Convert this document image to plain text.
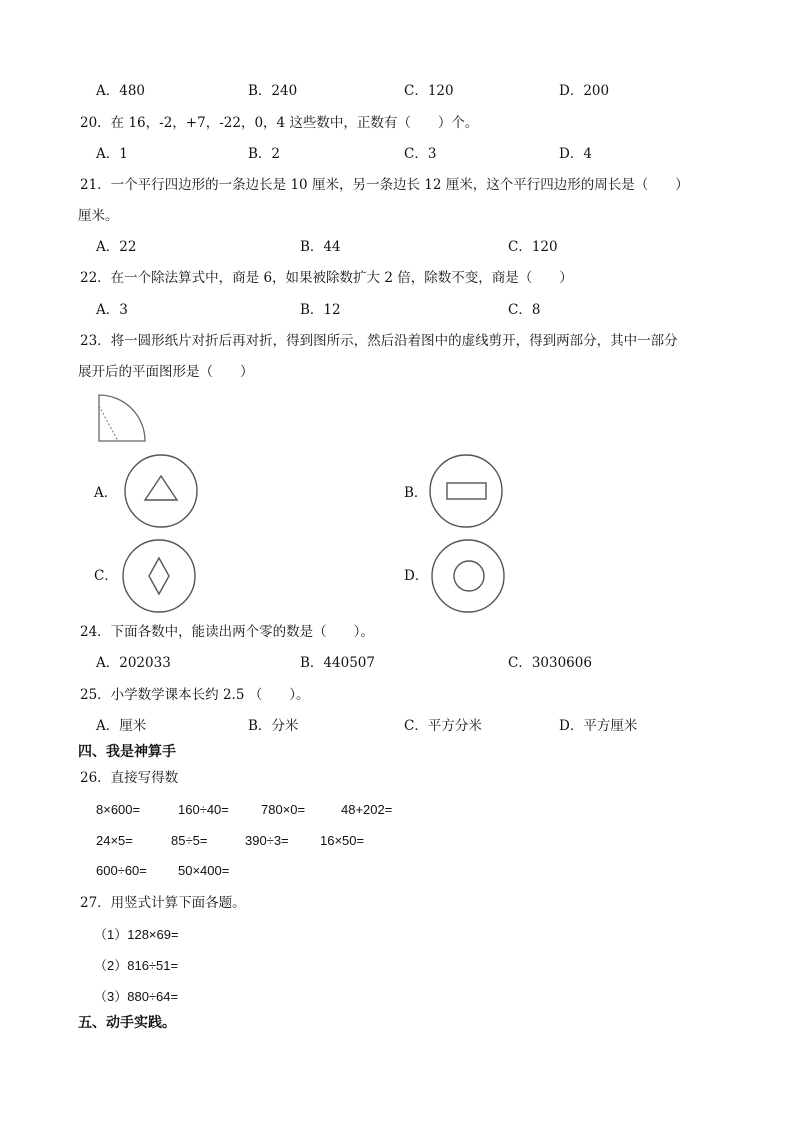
A．480	B．240	C．120	D．200
20．在 16，-2，+7，-22，0，4 这些数中，正数有（　　）个。
A．1	B．2	C．3	D．4
21．一个平行四边形的一条边长是 10 厘米，另一条边长 12 厘米，这个平行四边形的周长是（　　）
厘米。
A．22	B．44	C．120
22．在一个除法算式中，商是 6，如果被除数扩大 2 倍，除数不变，商是（　　）
A．3	B．12	C．8
23．将一圆形纸片对折后再对折，得到图所示，然后沿着图中的虚线剪开，得到两部分，其中一部分
展开后的平面图形是（　　）
A．	B．
C．	D．
24．下面各数中，能读出两个零的数是（　　）。
A．202033	B．440507	C．3030606
25．小学数学课本长约 2.5 （　　）。
A．厘米	B．分米	C．平方分米	D．平方厘米
四、我是神算手
26．直接写得数
8×600=	160÷40= 780×0=	48+202=
24×5=	85÷5=	390÷3= 16×50=
600÷60= 50×400=
27．用竖式计算下面各题。
（1）128×69=
（2）816÷51=
（3）880÷64=
五、动手实践。
